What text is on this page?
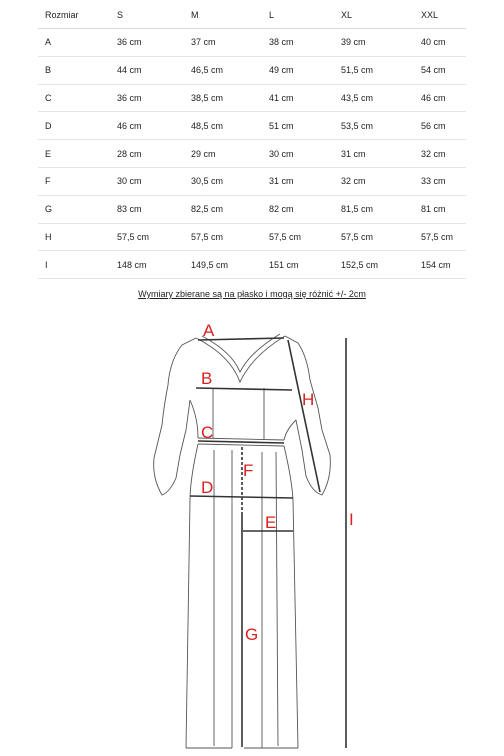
Rozmiar	S	M	L	XL	XXL
A	36 cm	37 cm	38 cm	39 cm	40 cm
B	44 cm	46,5 cm	49 cm	51,5 cm	54 cm
C	36 cm	38,5 cm	41 cm	43,5 cm	46 cm
D	46 cm	48,5 cm	51 cm	53,5 cm	56 cm
E	28 cm	29 cm	30 cm	31 cm	32 cm
F	30 cm	30,5 cm	31 cm	32 cm	33 cm
G	83 cm	82,5 cm	82 cm	81,5 cm	81 cm
H	57,5 cm	57,5 cm	57,5 cm	57,5 cm	57,5 cm
I	148 cm	149,5 cm	151 cm	152,5 cm	154 cm
Wymiary zbierane są na płasko i mogą się różnić +/- 2cm
A
B
C
D
E
F
G
H
I
